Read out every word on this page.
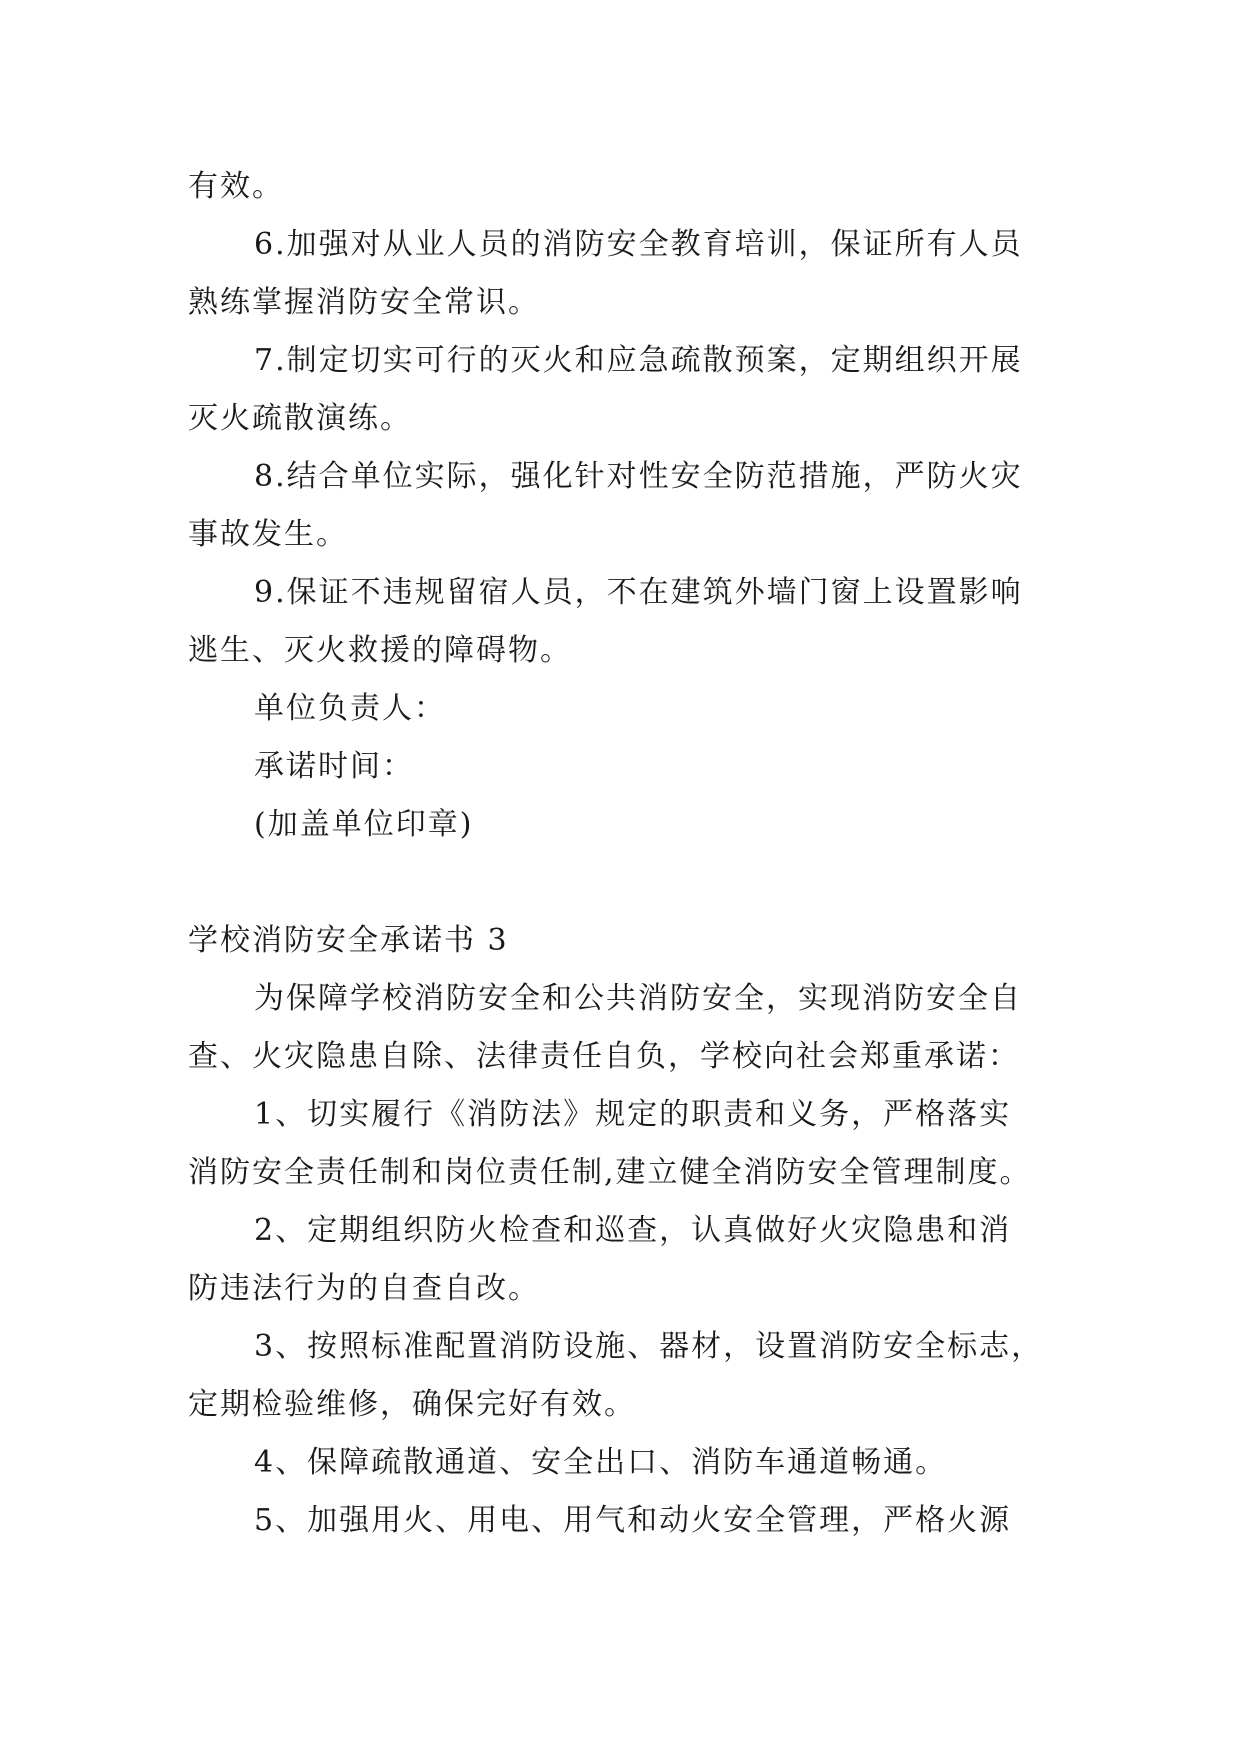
有效。
6.加强对从业人员的消防安全教育培训，保证所有人员
熟练掌握消防安全常识。
7.制定切实可行的灭火和应急疏散预案，定期组织开展
灭火疏散演练。
8.结合单位实际，强化针对性安全防范措施，严防火灾
事故发生。
9.保证不违规留宿人员，不在建筑外墙门窗上设置影响
逃生、灭火救援的障碍物。
单位负责人：
承诺时间：
(加盖单位印章)
学校消防安全承诺书 3
为保障学校消防安全和公共消防安全，实现消防安全自
查、火灾隐患自除、法律责任自负，学校向社会郑重承诺：
1、切实履行《消防法》规定的职责和义务，严格落实
消防安全责任制和岗位责任制,建立健全消防安全管理制度。
2、定期组织防火检查和巡查，认真做好火灾隐患和消
防违法行为的自查自改。
3、按照标准配置消防设施、器材，设置消防安全标志，
定期检验维修，确保完好有效。
4、保障疏散通道、安全出口、消防车通道畅通。
5、加强用火、用电、用气和动火安全管理，严格火源
